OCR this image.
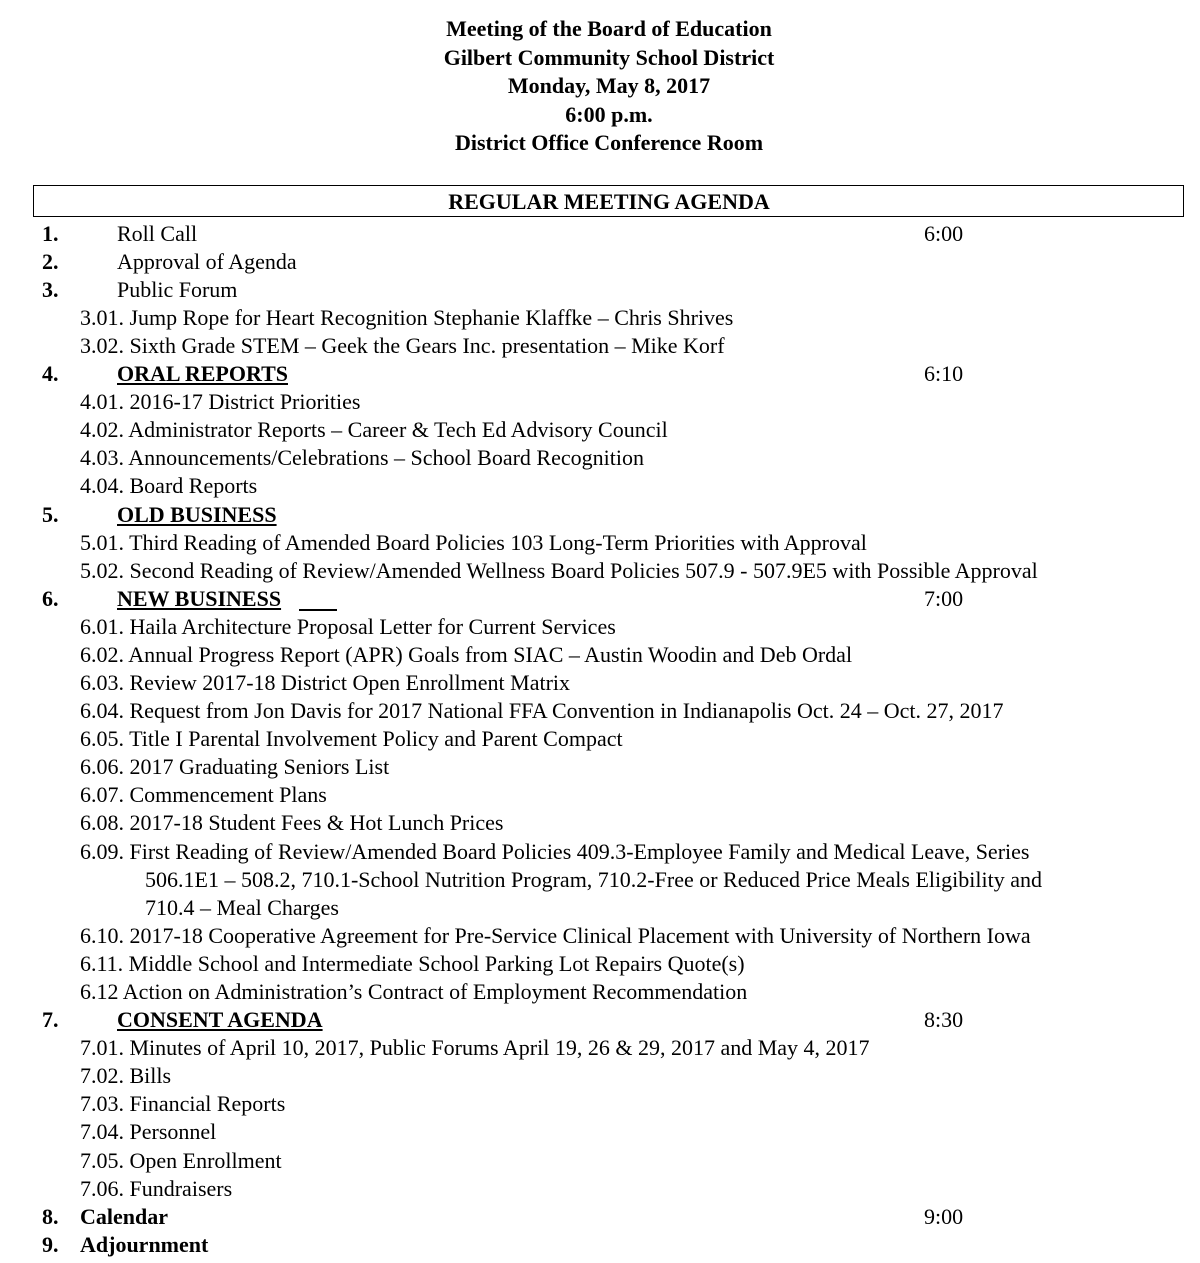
Meeting of the Board of Education
Gilbert Community School District
Monday, May 8, 2017
6:00 p.m.
District Office Conference Room
REGULAR MEETING AGENDA
1.	Roll Call	6:00
2.	Approval of Agenda
3.	Public Forum
3.01. Jump Rope for Heart Recognition Stephanie Klaffke – Chris Shrives
3.02. Sixth Grade STEM – Geek the Gears Inc. presentation – Mike Korf
4.	ORAL REPORTS	6:10
4.01. 2016-17 District Priorities
4.02. Administrator Reports – Career & Tech Ed Advisory Council
4.03. Announcements/Celebrations – School Board Recognition
4.04. Board Reports
5.	OLD BUSINESS
5.01. Third Reading of Amended Board Policies 103 Long-Term Priorities with Approval
5.02. Second Reading of Review/Amended Wellness Board Policies 507.9 - 507.9E5 with Possible Approval
6.	NEW BUSINESS	7:00
6.01. Haila Architecture Proposal Letter for Current Services
6.02. Annual Progress Report (APR) Goals from SIAC – Austin Woodin and Deb Ordal
6.03. Review 2017-18 District Open Enrollment Matrix
6.04. Request from Jon Davis for 2017 National FFA Convention in Indianapolis Oct. 24 – Oct. 27, 2017
6.05. Title I Parental Involvement Policy and Parent Compact
6.06. 2017 Graduating Seniors List
6.07. Commencement Plans
6.08. 2017-18 Student Fees & Hot Lunch Prices
6.09. First Reading of Review/Amended Board Policies 409.3-Employee Family and Medical Leave, Series
506.1E1 – 508.2, 710.1-School Nutrition Program, 710.2-Free or Reduced Price Meals Eligibility and
710.4 – Meal Charges
6.10. 2017-18 Cooperative Agreement for Pre-Service Clinical Placement with University of Northern Iowa
6.11. Middle School and Intermediate School Parking Lot Repairs Quote(s)
6.12 Action on Administration’s Contract of Employment Recommendation
7.	CONSENT AGENDA	8:30
7.01. Minutes of April 10, 2017, Public Forums April 19, 26 & 29, 2017 and May 4, 2017
7.02. Bills
7.03. Financial Reports
7.04. Personnel
7.05. Open Enrollment
7.06. Fundraisers
8. Calendar	9:00
9. Adjournment
